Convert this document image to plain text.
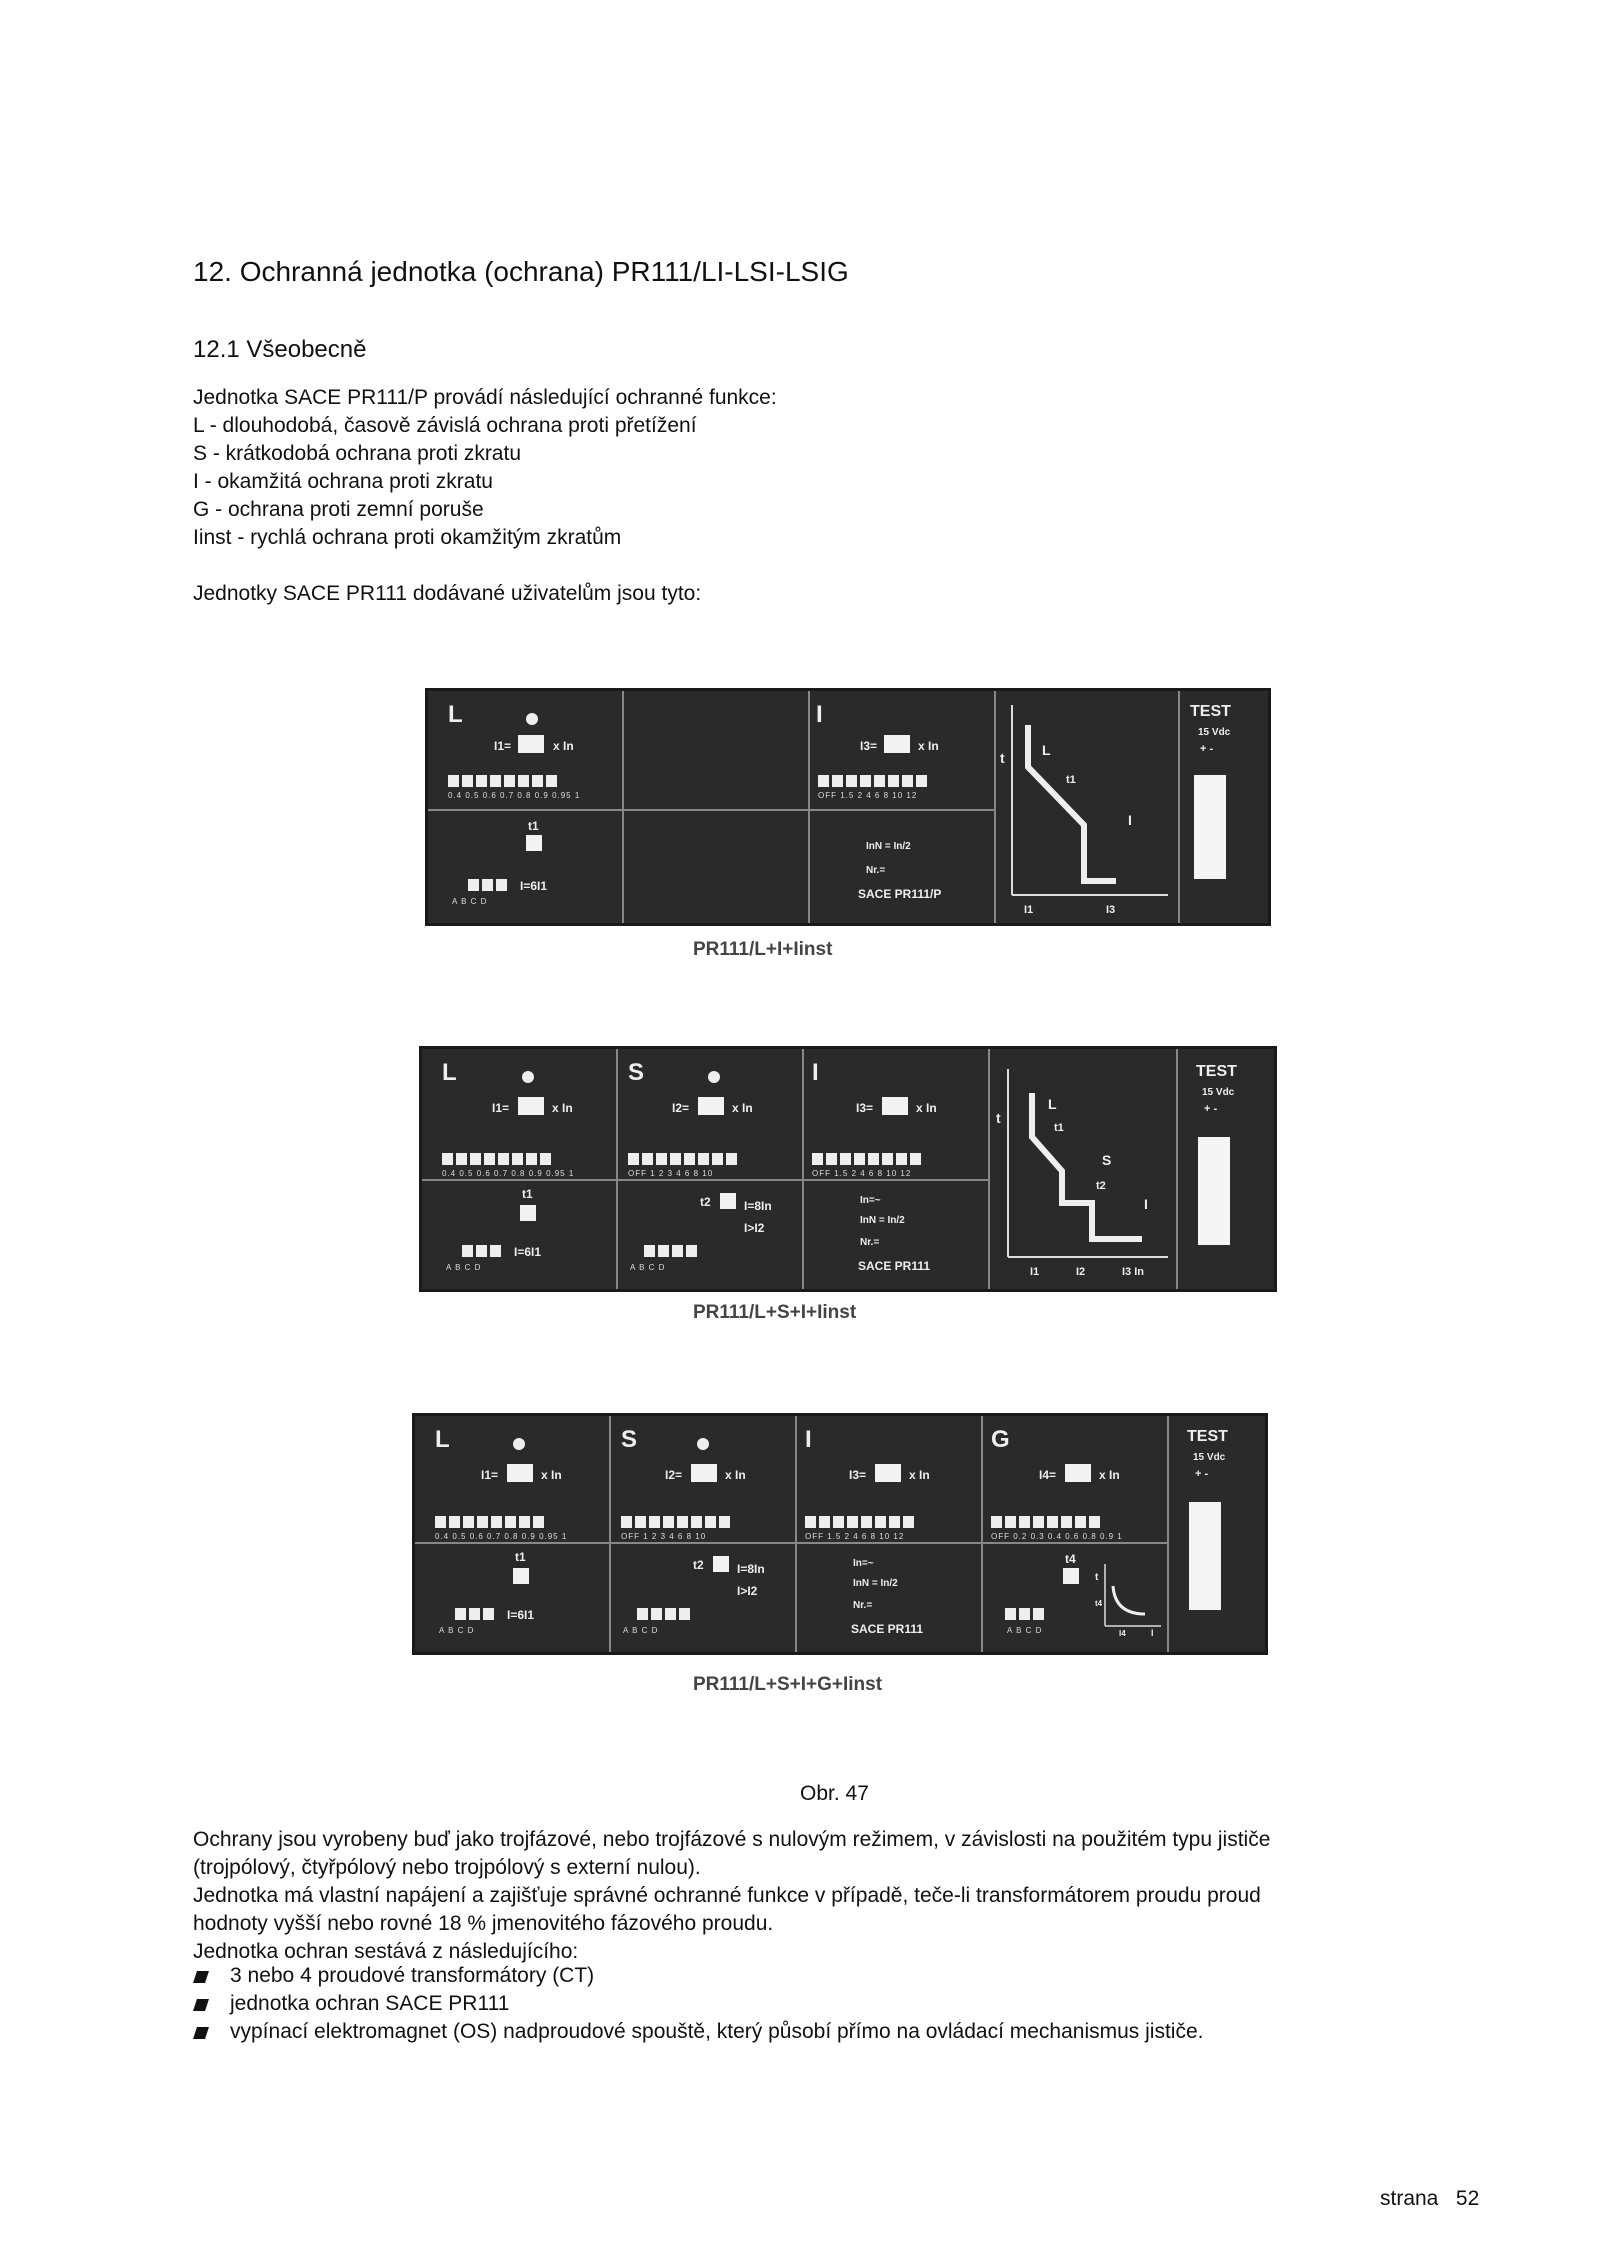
12. Ochranná jednotka (ochrana) PR111/LI-LSI-LSIG
12.1 Všeobecně
Jednotka SACE PR111/P provádí následující ochranné funkce:
L - dlouhodobá, časově závislá ochrana proti přetížení
S - krátkodobá ochrana proti zkratu
I - okamžitá ochrana proti zkratu
G - ochrana proti zemní poruše
Iinst - rychlá ochrana proti okamžitým zkratům
Jednotky SACE PR111 dodávané uživatelům jsou tyto:
L	I
I1=	x In
0.4 0.5 0.6 0.7 0.8 0.9 0.95 1
t1
I=6I1
A B C D
I3=	x In
OFF 1.5 2 4 6 8 10 12
InN = In/2
Nr.=
SACE PR111/P
t	L
t1
I
I1	I3
TEST
15 Vdc
+ -
PR111/L+I+Iinst
L	S	I
I1=	x In	I2=	x In	I3=	x In
0.4 0.5 0.6 0.7 0.8 0.9 0.95 1	OFF 1 2 3 4 6 8 10	OFF 1.5 2 4 6 8 10 12
t1
I=6I1
A B C D
t2	I=8In
I>I2
A B C D
In=~
InN = In/2
Nr.=
SACE PR111
t
L
t1
S
t2
I
I1	I2	I3 In
TEST
15 Vdc
+ -
PR111/L+S+I+Iinst
L	S	I	G
I1=	x In	I2=	x In	I3=	x In	I4=	x In
0.4 0.5 0.6 0.7 0.8 0.9 0.95 1	OFF 1 2 3 4 6 8 10	OFF 1.5 2 4 6 8 10 12	OFF 0.2 0.3 0.4 0.6 0.8 0.9 1
t1
I=6I1
A B C D
t2	I=8In
I>I2
A B C D
In=~
InN = In/2
Nr.=
SACE PR111
t4
A B C D
t
t4
I4	I
TEST
15 Vdc
+ -
PR111/L+S+I+G+Iinst
Obr. 47
Ochrany jsou vyrobeny buď jako trojfázové, nebo trojfázové s nulovým režimem, v závislosti na použitém typu jističe
(trojpólový, čtyřpólový nebo trojpólový s externí nulou).
Jednotka má vlastní napájení a zajišťuje správné ochranné funkce v případě, teče-li transformátorem proudu proud
hodnoty vyšší nebo rovné 18 % jmenovitého fázového proudu.
Jednotka ochran sestává z následujícího:
3 nebo 4 proudové transformátory (CT)
jednotka ochran SACE PR111
vypínací elektromagnet (OS) nadproudové spouště, který působí přímo na ovládací mechanismus jističe.
strana 52
